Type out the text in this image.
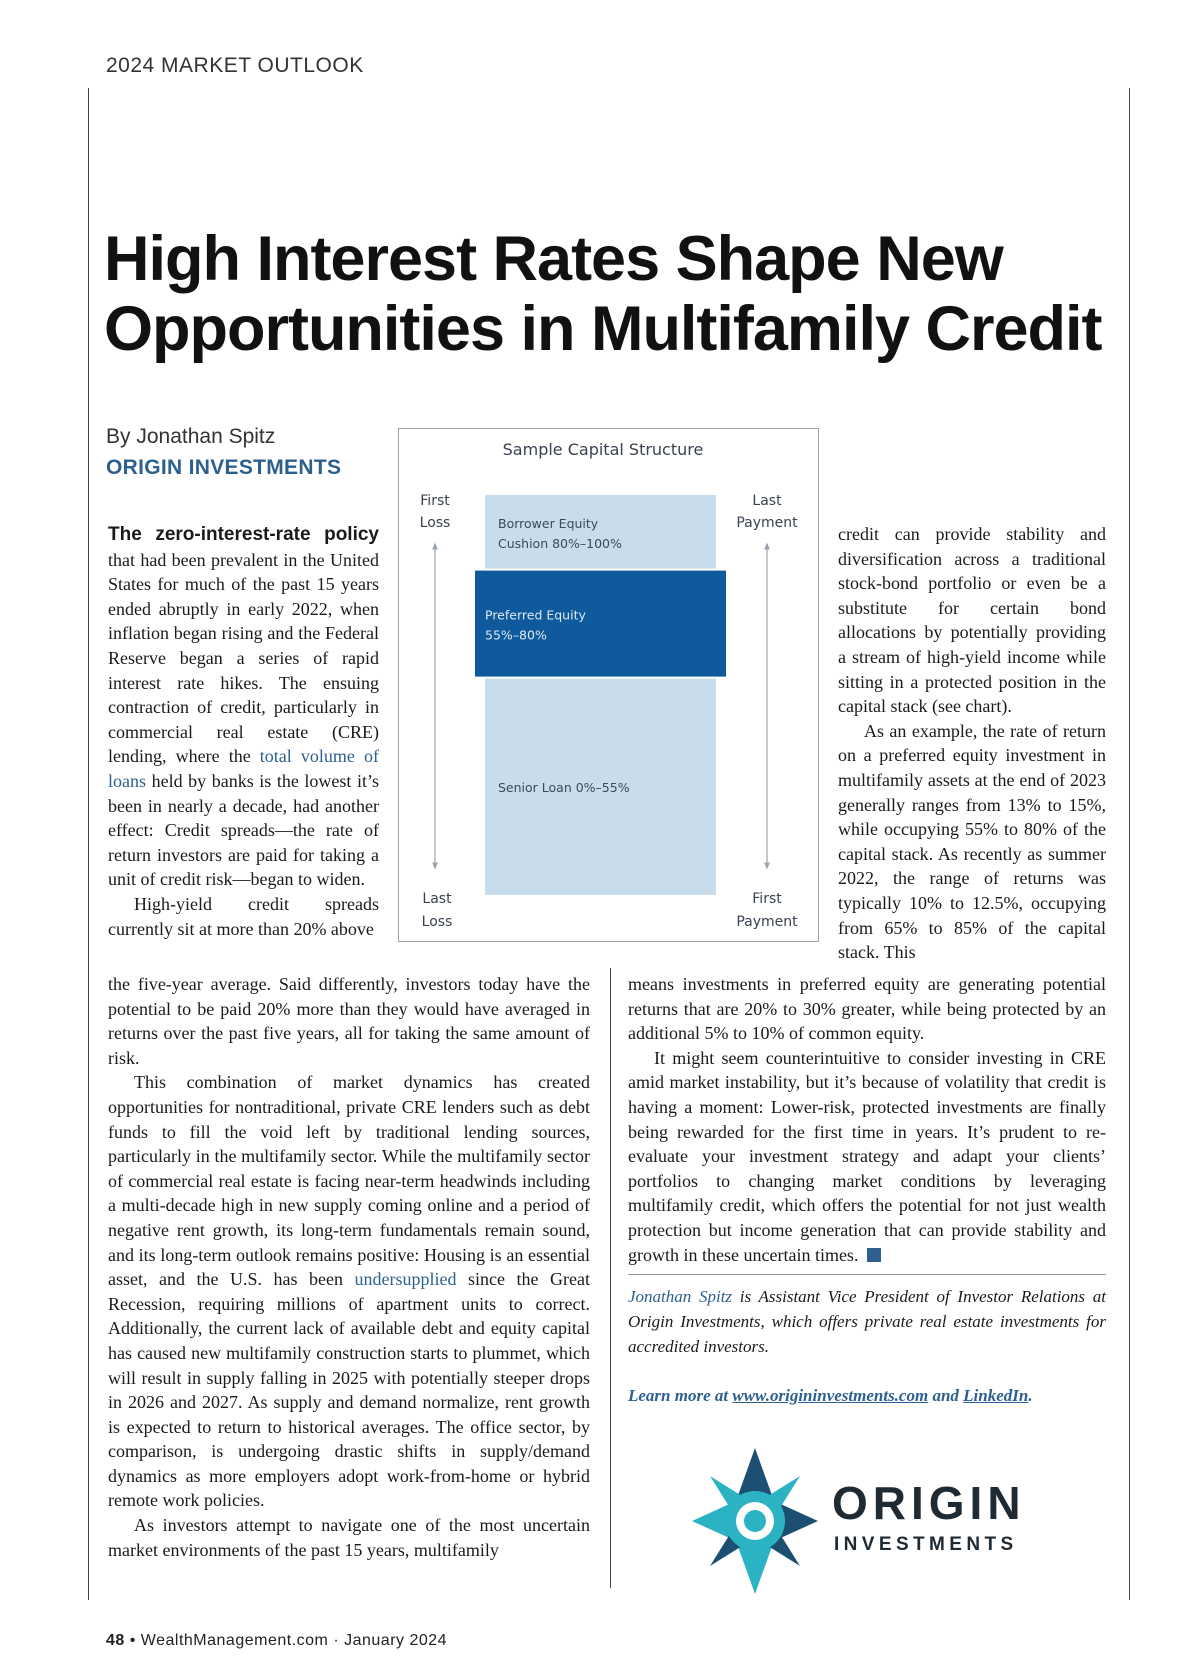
2024 MARKET OUTLOOK
High Interest Rates Shape New
Opportunities in Multifamily Credit
By Jonathan Spitz
ORIGIN INVESTMENTS

The zero-interest-rate policy that had been prevalent in the United States for much of the past 15 years ended abruptly in early 2022, when inflation began rising and the Federal Reserve began a series of rapid interest rate hikes. The ensuing contraction of credit, particularly in commercial real estate (CRE) lending, where the total volume of loans held by banks is the lowest it’s been in nearly a decade, had another effect: Credit spreads—the rate of return investors are paid for taking a unit of credit risk—began to widen.

High-yield credit spreads currently sit at more than 20% above

the five-year average. Said differently, investors today have the potential to be paid 20% more than they would have averaged in returns over the past five years, all for taking the same amount of risk.

This combination of market dynamics has created opportunities for nontraditional, private CRE lenders such as debt funds to fill the void left by traditional lending sources, particularly in the multifamily sector. While the multifamily sector of commercial real estate is facing near-term headwinds including a multi-decade high in new supply coming online and a period of negative rent growth, its long-term fundamentals remain sound, and its long-term outlook remains positive: Housing is an essential asset, and the U.S. has been undersupplied since the Great Recession, requiring millions of apartment units to correct. Additionally, the current lack of available debt and equity capital has caused new multifamily construction starts to plummet, which will result in supply falling in 2025 with potentially steeper drops in 2026 and 2027. As supply and demand normalize, rent growth is expected to return to historical averages. The office sector, by comparison, is undergoing drastic shifts in supply/demand dynamics as more employers adopt work-from-home or hybrid remote work policies.

As investors attempt to navigate one of the most uncertain market environments of the past 15 years, multifamily

Sample Capital Structure
First
Loss
Last
Loss
Last
Payment
First
Payment
Borrower Equity
Cushion 80%–100%
Preferred Equity
55%–80%
Senior Loan 0%–55%

credit can provide stability and diversification across a traditional stock-bond portfolio or even be a substitute for certain bond allocations by potentially providing a stream of high-yield income while sitting in a protected position in the capital stack (see chart).

As an example, the rate of return on a preferred equity investment in multifamily assets at the end of 2023 generally ranges from 13% to 15%, while occupying 55% to 80% of the capital stack. As recently as summer 2022, the range of returns was typically 10% to 12.5%, occupying from 65% to 85% of the capital stack. This

means investments in preferred equity are generating potential returns that are 20% to 30% greater, while being protected by an additional 5% to 10% of common equity.

It might seem counterintuitive to consider investing in CRE amid market instability, but it’s because of volatility that credit is having a moment: Lower-risk, protected investments are finally being rewarded for the first time in years. It’s prudent to re-evaluate your investment strategy and adapt your clients’ portfolios to changing market conditions by leveraging multifamily credit, which offers the potential for not just wealth protection but income generation that can provide stability and growth in these uncertain times.

Jonathan Spitz is Assistant Vice President of Investor Relations at Origin Investments, which offers private real estate investments for accredited investors.
Learn more at www.origininvestments.com and LinkedIn.
ORIGIN
INVESTMENTS
48 • WealthManagement.com · January 2024
